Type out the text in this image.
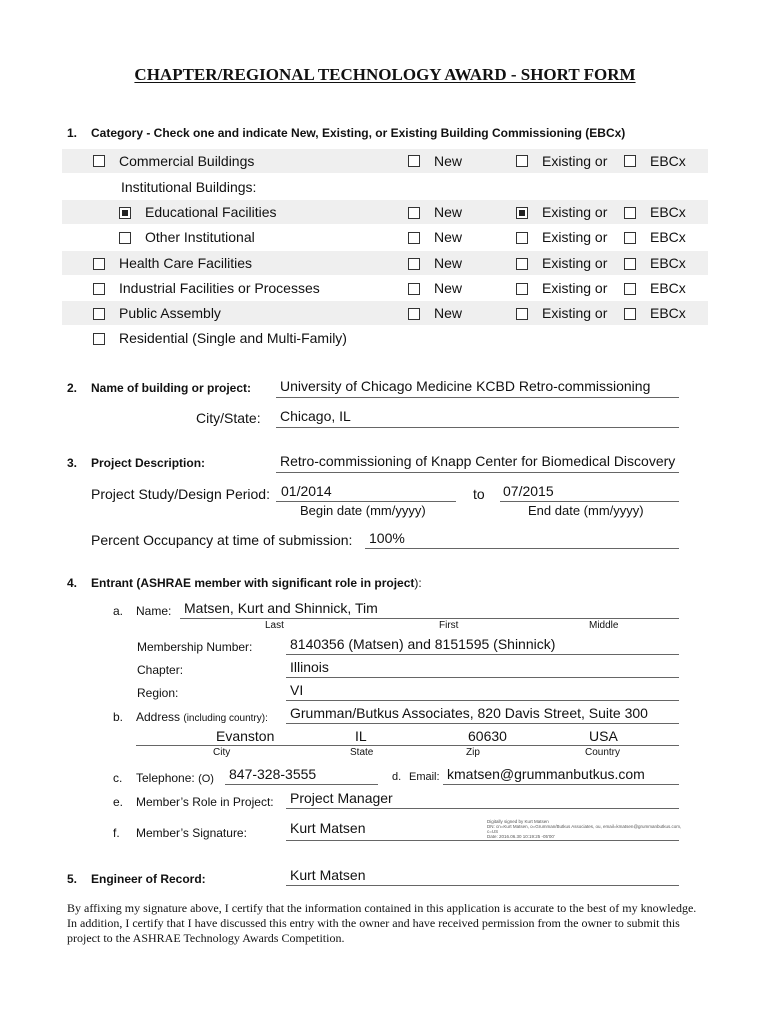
CHAPTER/REGIONAL TECHNOLOGY AWARD - SHORT FORM
1. Category - Check one and indicate New, Existing, or Existing Building Commissioning (EBCx)
Commercial Buildings	New	Existing or	EBCx
Institutional Buildings:
Educational Facilities	New	Existing or	EBCx
Other Institutional	New	Existing or	EBCx
Health Care Facilities	New	Existing or	EBCx
Industrial Facilities or Processes	New	Existing or	EBCx
Public Assembly	New	Existing or	EBCx
Residential (Single and Multi-Family)
2. Name of building or project: University of Chicago Medicine KCBD Retro-commissioning
City/State: Chicago, IL
3. Project Description:	Retro-commissioning of Knapp Center for Biomedical Discovery
Project Study/Design Period: 01/2014	to 07/2015
Begin date (mm/yyyy)	End date (mm/yyyy)
Percent Occupancy at time of submission: 100%
4. Entrant (ASHRAE member with significant role in project):
a. Name: Matsen, Kurt and Shinnick, Tim
Last	First	Middle
Membership Number:	8140356 (Matsen) and 8151595 (Shinnick)
Chapter:	Illinois
Region:	VI
b. Address (including country): Grumman/Butkus Associates, 820 Davis Street, Suite 300
Evanston	IL	60630	USA
City	State	Zip	Country
c. Telephone: (O) 847-328-3555	d. Email: kmatsen@grummanbutkus.com
e. Member’s Role in Project: Project Manager
f. Member’s Signature:	Kurt Matsen	Digitally signed by Kurt Matsen
DN: cn=Kurt Matsen, o=Grumman/Butkus Associates, ou, email=kmatsen@grummanbutkus.com, c=US
Date: 2016.06.30 10:19:25 -05'00'
5. Engineer of Record:	Kurt Matsen
By affixing my signature above, I certify that the information contained in this application is accurate to the best of my knowledge. In addition, I certify that I have discussed this entry with the owner and have received permission from the owner to submit this project to the ASHRAE Technology Awards Competition.
